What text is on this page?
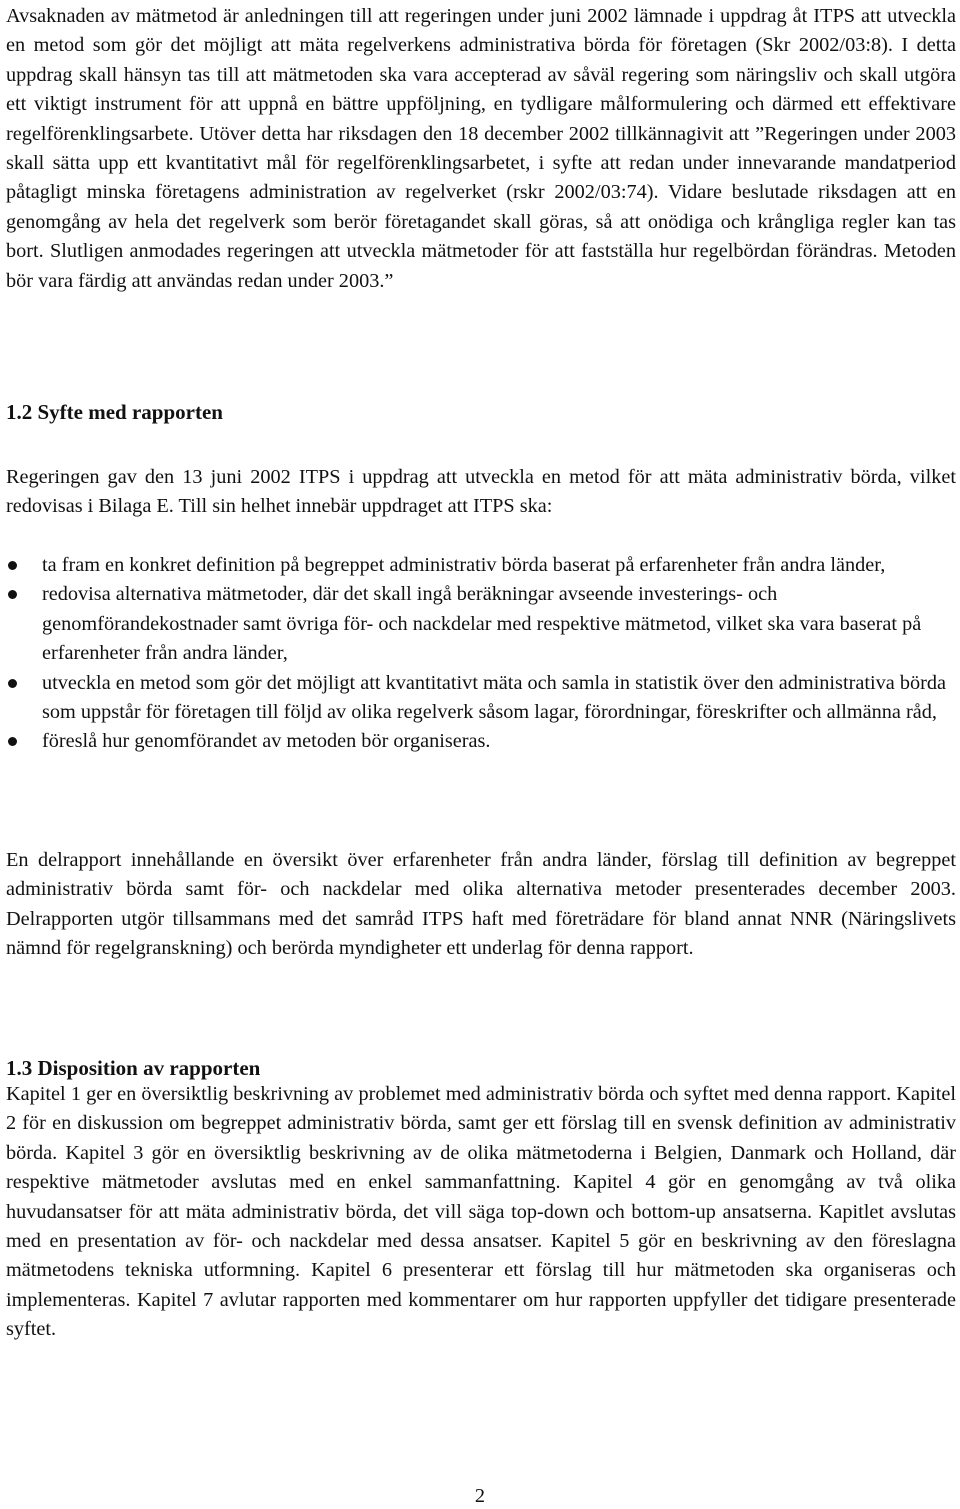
Avsaknaden av mätmetod är anledningen till att regeringen under juni 2002 lämnade i uppdrag åt ITPS att utveckla en metod som gör det möjligt att mäta regelverkens administrativa börda för företagen (Skr 2002/03:8). I detta uppdrag skall hänsyn tas till att mätmetoden ska vara accepterad av såväl regering som näringsliv och skall utgöra ett viktigt instrument för att uppnå en bättre uppföljning, en tydligare målformulering och därmed ett effektivare regelförenklingsarbete. Utöver detta har riksdagen den 18 december 2002 tillkännagivit att ”Regeringen under 2003 skall sätta upp ett kvantitativt mål för regelförenklingsarbetet, i syfte att redan under innevarande mandatperiod påtagligt minska företagens administration av regelverket (rskr 2002/03:74). Vidare beslutade riksdagen att en genomgång av hela det regelverk som berör företagandet skall göras, så att onödiga och krångliga regler kan tas bort. Slutligen anmodades regeringen att utveckla mätmetoder för att fastställa hur regelbördan förändras. Metoden bör vara färdig att användas redan under 2003.”

1.2 Syfte med rapporten

Regeringen gav den 13 juni 2002 ITPS i uppdrag att utveckla en metod för att mäta administrativ börda, vilket redovisas i Bilaga E. Till sin helhet innebär uppdraget att ITPS ska:

ta fram en konkret definition på begreppet administrativ börda baserat på erfarenheter från andra länder,
redovisa alternativa mätmetoder, där det skall ingå beräkningar avseende investerings- och genomförandekostnader samt övriga för- och nackdelar med respektive mätmetod, vilket ska vara baserat på erfarenheter från andra länder,
utveckla en metod som gör det möjligt att kvantitativt mäta och samla in statistik över den administrativa börda som uppstår för företagen till följd av olika regelverk såsom lagar, förordningar, föreskrifter och allmänna råd,
föreslå hur genomförandet av metoden bör organiseras.

En delrapport innehållande en översikt över erfarenheter från andra länder, förslag till definition av begreppet administrativ börda samt för- och nackdelar med olika alternativa metoder presenterades december 2003. Delrapporten utgör tillsammans med det samråd ITPS haft med företrädare för bland annat NNR (Näringslivets nämnd för regelgranskning) och berörda myndigheter ett underlag för denna rapport.

1.3 Disposition av rapporten

Kapitel 1 ger en översiktlig beskrivning av problemet med administrativ börda och syftet med denna rapport. Kapitel 2 för en diskussion om begreppet administrativ börda, samt ger ett förslag till en svensk definition av administrativ börda. Kapitel 3 gör en översiktlig beskrivning av de olika mätmetoderna i Belgien, Danmark och Holland, där respektive mätmetoder avslutas med en enkel sammanfattning. Kapitel 4 gör en genomgång av två olika huvudansatser för att mäta administrativ börda, det vill säga top-down och bottom-up ansatserna. Kapitlet avslutas med en presentation av för- och nackdelar med dessa ansatser. Kapitel 5 gör en beskrivning av den föreslagna mätmetodens tekniska utformning. Kapitel 6 presenterar ett förslag till hur mätmetoden ska organiseras och implementeras. Kapitel 7 avlutar rapporten med kommentarer om hur rapporten uppfyller det tidigare presenterade syftet.

2
